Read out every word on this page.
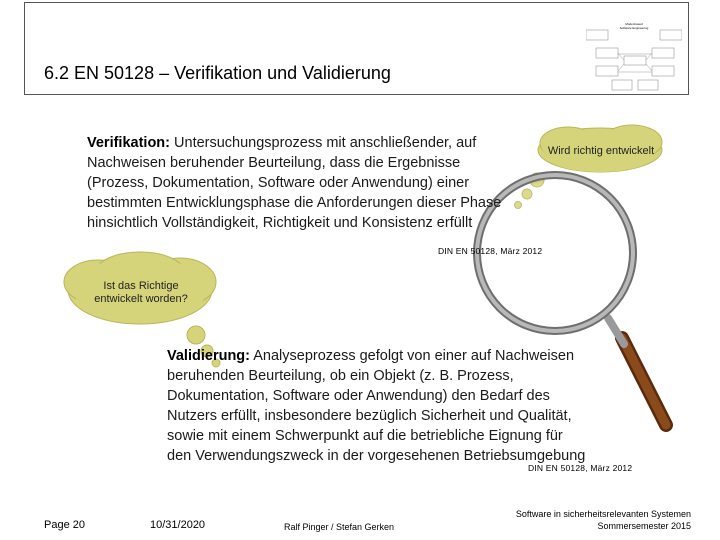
6.2 EN 50128 – Verifikation und Validierung
Model-based
Software Engineering
Wird richtig entwickelt
Ist das Richtige
entwickelt worden?
Verifikation: Untersuchungsprozess mit anschließender, auf
Nachweisen beruhender Beurteilung, dass die Ergebnisse
(Prozess, Dokumentation, Software oder Anwendung) einer
bestimmten Entwicklungsphase die Anforderungen dieser Phase
hinsichtlich Vollständigkeit, Richtigkeit und Konsistenz erfüllt
DIN EN 50128, März 2012
Validierung: Analyseprozess gefolgt von einer auf Nachweisen
beruhenden Beurteilung, ob ein Objekt (z. B. Prozess,
Dokumentation, Software oder Anwendung) den Bedarf des
Nutzers erfüllt, insbesondere bezüglich Sicherheit und Qualität,
sowie mit einem Schwerpunkt auf die betriebliche Eignung für
den Verwendungszweck in der vorgesehenen Betriebsumgebung
DIN EN 50128, März 2012
Page 20	10/31/2020	Ralf Pinger / Stefan Gerken
Software in sicherheitsrelevanten Systemen
Sommersemester 2015
